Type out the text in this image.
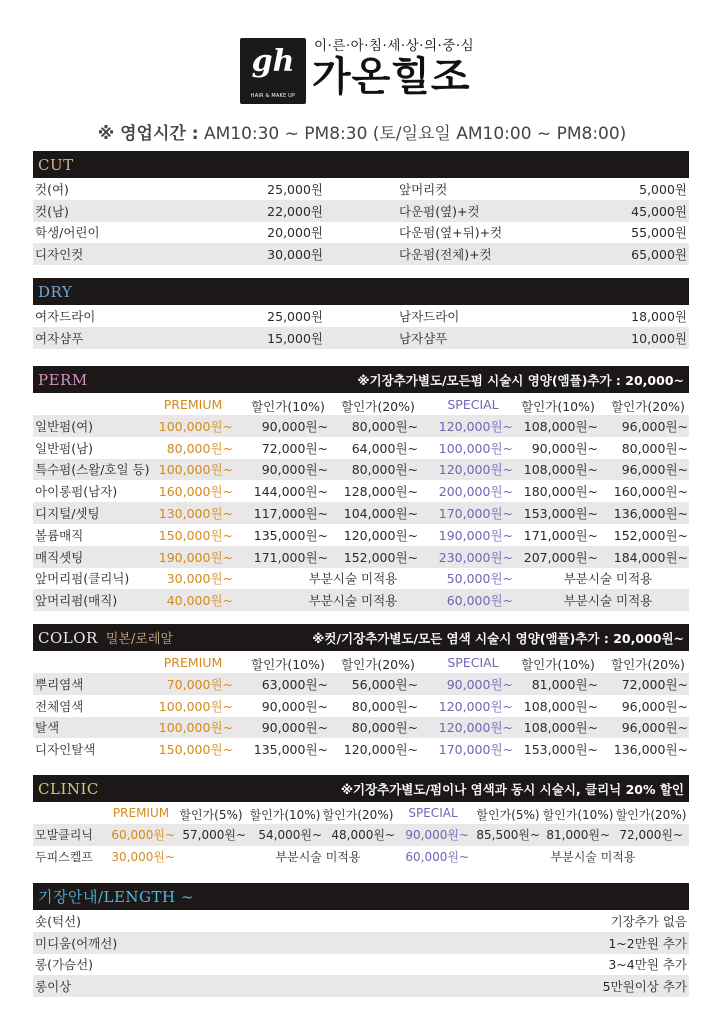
gh
HAIR & MAKE UP
이·른·아·침·세·상·의·중·심
가온힐조
※ 영업시간 : AM10:30 ~ PM8:30 (토/일요일 AM10:00 ~ PM8:00)
CUT
컷(여)	25,000원	앞머리컷	5,000원
컷(남)	22,000원	다운펌(옆)+컷	45,000원
학생/어린이	20,000원	다운펌(옆+뒤)+컷	55,000원
디자인컷	30,000원	다운펌(전체)+컷	65,000원
DRY
여자드라이	25,000원	남자드라이	18,000원
여자샴푸	15,000원	남자샴푸	10,000원
PERM	※기장추가별도/모든펌 시술시 영양(앰플)추가 : 20,000~
PREMIUM	할인가(10%)	할인가(20%)	SPECIAL	할인가(10%)	할인가(20%)
일반펌(여)	100,000원~ 90,000원~ 80,000원~ 120,000원~ 108,000원~ 96,000원~
일반펌(남)	80,000원~ 72,000원~ 64,000원~ 100,000원~ 90,000원~ 80,000원~
특수펌(스왈/호일 등) 100,000원~ 90,000원~ 80,000원~ 120,000원~ 108,000원~ 96,000원~
아이롱펌(남자)	160,000원~ 144,000원~ 128,000원~ 200,000원~ 180,000원~ 160,000원~
디지털/셋팅	130,000원~ 117,000원~ 104,000원~ 170,000원~ 153,000원~ 136,000원~
볼륨매직	150,000원~ 135,000원~ 120,000원~ 190,000원~ 171,000원~ 152,000원~
매직셋팅	190,000원~ 171,000원~ 152,000원~ 230,000원~ 207,000원~ 184,000원~
앞머리펌(클리닉)	30,000원~	부분시술 미적용	50,000원~	부분시술 미적용
앞머리펌(매직)	40,000원~	부분시술 미적용	60,000원~	부분시술 미적용
COLOR 밀본/로레알	※컷/기장추가별도/모든 염색 시술시 영양(앰플)추가 : 20,000원~
PREMIUM	할인가(10%)	할인가(20%)	SPECIAL	할인가(10%)	할인가(20%)
뿌리염색	70,000원~ 63,000원~ 56,000원~ 90,000원~ 81,000원~ 72,000원~
전체염색	100,000원~ 90,000원~ 80,000원~ 120,000원~ 108,000원~ 96,000원~
탈색	100,000원~ 90,000원~ 80,000원~ 120,000원~ 108,000원~ 96,000원~
디자인탈색	150,000원~ 135,000원~ 120,000원~ 170,000원~ 153,000원~ 136,000원~
CLINIC	※기장추가별도/펌이나 염색과 동시 시술시, 클리닉 20% 할인
PREMIUM 할인가(5%) 할인가(10%) 할인가(20%)	SPECIAL	할인가(5%) 할인가(10%) 할인가(20%)
모발클리닉 60,000원~ 57,000원~ 54,000원~ 48,000원~ 90,000원~ 85,500원~ 81,000원~ 72,000원~
두피스켈프 30,000원~	부분시술 미적용	60,000원~	부분시술 미적용
기장안내/LENGTH ~
숏(턱선)	기장추가 없음
미디움(어깨선)	1~2만원 추가
롱(가슴선)	3~4만원 추가
롱이상	5만원이상 추가
